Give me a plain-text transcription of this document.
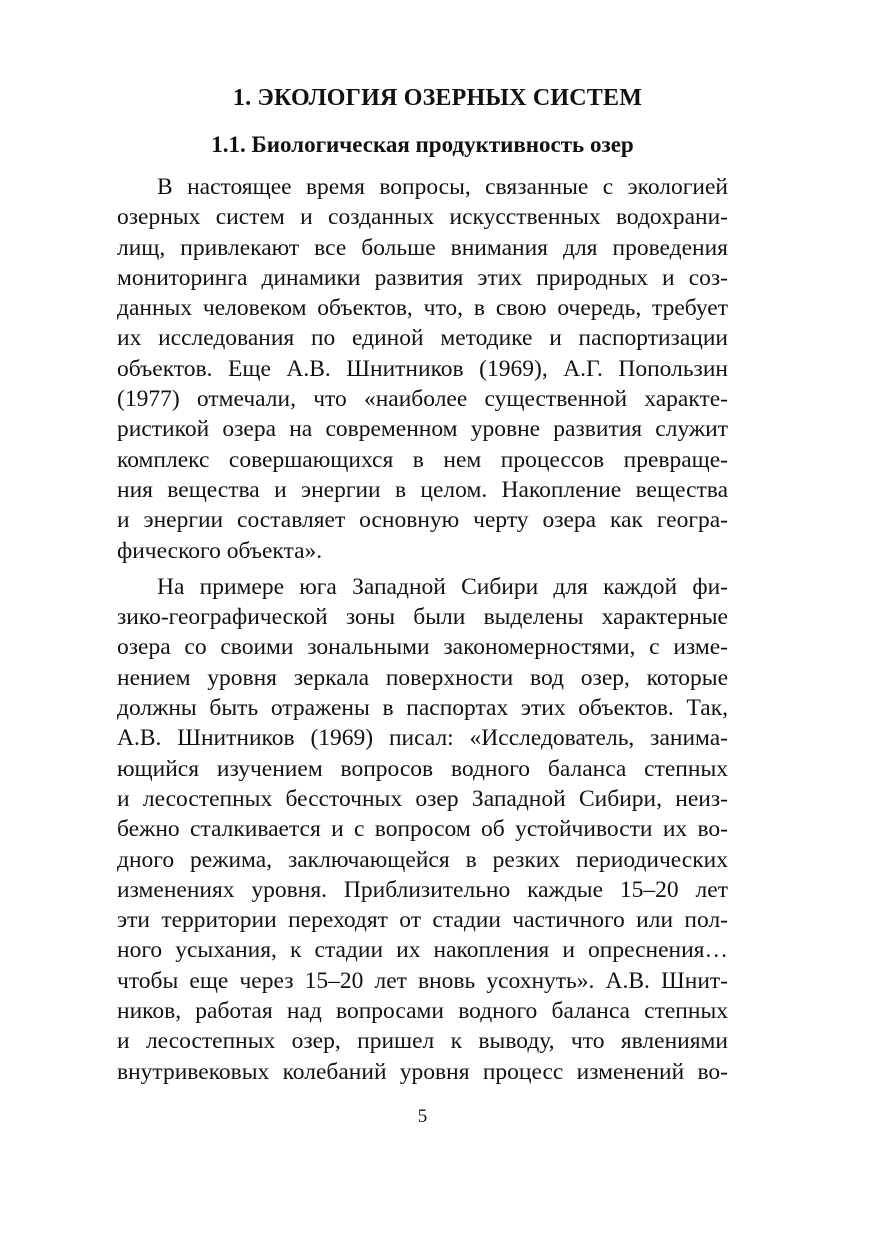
1. ЭКОЛОГИЯ ОЗЕРНЫХ СИСТЕМ
1.1. Биологическая продуктивность озер
В настоящее время вопросы, связанные с экологией
озерных систем и созданных искусственных водохрани-
лищ, привлекают все больше внимания для проведения
мониторинга динамики развития этих природных и соз-
данных человеком объектов, что, в свою очередь, требует
их исследования по единой методике и паспортизации
объектов. Еще А.В. Шнитников (1969), А.Г. Попользин
(1977) отмечали, что «наиболее существенной характе-
ристикой озера на современном уровне развития служит
комплекс совершающихся в нем процессов превраще-
ния вещества и энергии в целом. Накопление вещества
и энергии составляет основную черту озера как геогра-
фического объекта».
На примере юга Западной Сибири для каждой фи-
зико-географической зоны были выделены характерные
озера со своими зональными закономерностями, с изме-
нением уровня зеркала поверхности вод озер, которые
должны быть отражены в паспортах этих объектов. Так,
А.В. Шнитников (1969) писал: «Исследователь, занима-
ющийся изучением вопросов водного баланса степных
и лесостепных бессточных озер Западной Сибири, неиз-
бежно сталкивается и с вопросом об устойчивости их во-
дного режима, заключающейся в резких периодических
изменениях уровня. Приблизительно каждые 15–20 лет
эти территории переходят от стадии частичного или пол-
ного усыхания, к стадии их накопления и опреснения…
чтобы еще через 15–20 лет вновь усохнуть». А.В. Шнит-
ников, работая над вопросами водного баланса степных
и лесостепных озер, пришел к выводу, что явлениями
внутривековых колебаний уровня процесс изменений во-
5
